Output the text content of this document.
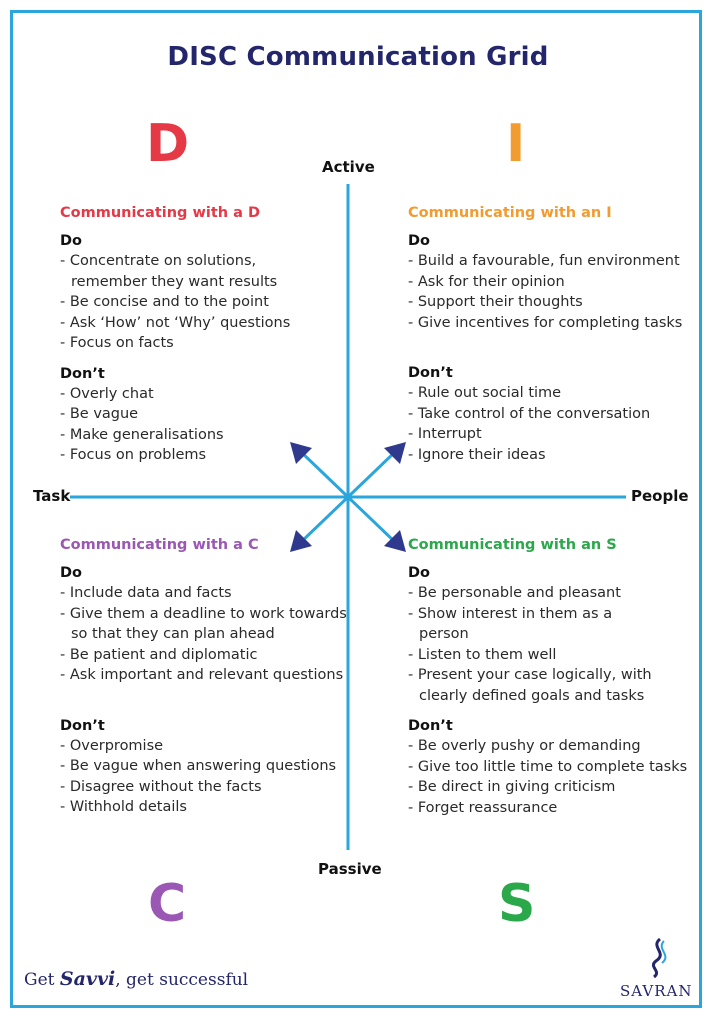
DISC Communication Grid
D	I
C	S
Active
Passive
Task	People
Communicating with a D
Do
- Concentrate on solutions, remember they want results
- Be concise and to the point
- Ask ‘How’ not ‘Why’ questions
- Focus on facts
Don’t
- Overly chat
- Be vague
- Make generalisations
- Focus on problems
Communicating with an I
Do
- Build a favourable, fun environment
- Ask for their opinion
- Support their thoughts
- Give incentives for completing tasks
Don’t
- Rule out social time
- Take control of the conversation
- Interrupt
- Ignore their ideas
Communicating with a C
Do
- Include data and facts
- Give them a deadline to work towards so that they can plan ahead
- Be patient and diplomatic
- Ask important and relevant questions
Don’t
- Overpromise
- Be vague when answering questions
- Disagree without the facts
- Withhold details
Communicating with an S
Do
- Be personable and pleasant
- Show interest in them as a person
- Listen to them well
- Present your case logically, with clearly defined goals and tasks
Don’t
- Be overly pushy or demanding
- Give too little time to complete tasks
- Be direct in giving criticism
- Forget reassurance
Get Savvi, get successful
SAVRAN
